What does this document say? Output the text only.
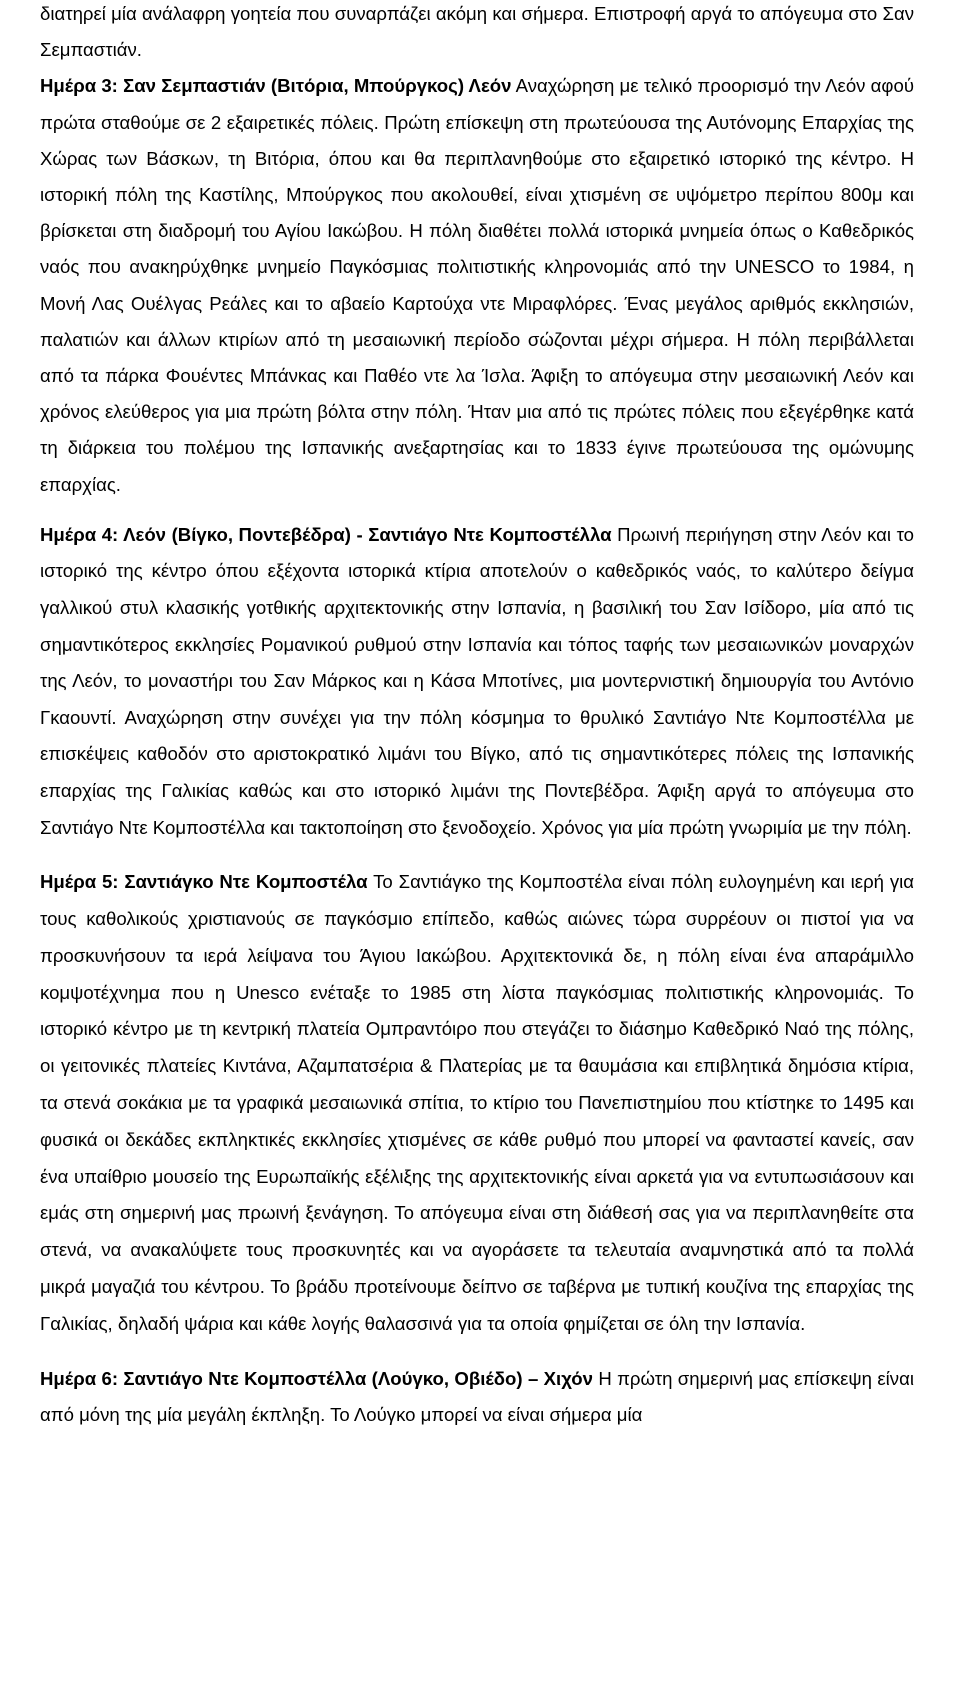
διατηρεί μία ανάλαφρη γοητεία που συναρπάζει ακόμη και σήμερα. Επιστροφή αργά το απόγευμα στο Σαν Σεμπαστιάν.

Ημέρα 3: Σαν Σεμπαστιάν (Βιτόρια, Μπούργκος) Λεόν Αναχώρηση με τελικό προορισμό την Λεόν αφού πρώτα σταθούμε σε 2 εξαιρετικές πόλεις. Πρώτη επίσκεψη στη πρωτεύουσα της Αυτόνομης Επαρχίας της Χώρας των Βάσκων, τη Βιτόρια, όπου και θα περιπλανηθούμε στο εξαιρετικό ιστορικό της κέντρο. Η ιστορική πόλη της Καστίλης, Μπούργκος που ακολουθεί, είναι χτισμένη σε υψόμετρο περίπου 800μ και βρίσκεται στη διαδρομή του Αγίου Ιακώβου. Η πόλη διαθέτει πολλά ιστορικά μνημεία όπως ο Καθεδρικός ναός που ανακηρύχθηκε μνημείο Παγκόσμιας πολιτιστικής κληρονομιάς από την UNESCO το 1984, η Μονή Λας Ουέλγας Ρεάλες και το αβαείο Καρτούχα ντε Μιραφλόρες. Ένας μεγάλος αριθμός εκκλησιών, παλατιών και άλλων κτιρίων από τη μεσαιωνική περίοδο σώζονται μέχρι σήμερα. Η πόλη περιβάλλεται από τα πάρκα Φουέντες Μπάνκας και Παθέο ντε λα Ίσλα. Άφιξη το απόγευμα στην μεσαιωνική Λεόν και χρόνος ελεύθερος για μια πρώτη βόλτα στην πόλη. Ήταν μια από τις πρώτες πόλεις που εξεγέρθηκε κατά τη διάρκεια του πολέμου της Ισπανικής ανεξαρτησίας και το 1833 έγινε πρωτεύουσα της ομώνυμης επαρχίας.

Ημέρα 4: Λεόν (Βίγκο, Ποντεβέδρα) - Σαντιάγο Ντε Κομποστέλλα Πρωινή περιήγηση στην Λεόν και το ιστορικό της κέντρο όπου εξέχοντα ιστορικά κτίρια αποτελούν ο καθεδρικός ναός, το καλύτερο δείγμα γαλλικού στυλ κλασικής γοτθικής αρχιτεκτονικής στην Ισπανία, η βασιλική του Σαν Ισίδορο, μία από τις σημαντικότερος εκκλησίες Ρομανικού ρυθμού στην Ισπανία και τόπος ταφής των μεσαιωνικών μοναρχών της Λεόν, το μοναστήρι του Σαν Μάρκος και η Κάσα Μποτίνες, μια μοντερνιστική δημιουργία του Αντόνιο Γκαουντί. Αναχώρηση στην συνέχει για την πόλη κόσμημα το θρυλικό Σαντιάγο Ντε Κομποστέλλα με επισκέψεις καθοδόν στο αριστοκρατικό λιμάνι του Βίγκο, από τις σημαντικότερες πόλεις της Ισπανικής επαρχίας της Γαλικίας καθώς και στο ιστορικό λιμάνι της Ποντεβέδρα. Άφιξη αργά το απόγευμα στο Σαντιάγο Ντε Κομποστέλλα και τακτοποίηση στο ξενοδοχείο. Χρόνος για μία πρώτη γνωριμία με την πόλη.

Ημέρα 5: Σαντιάγκο Ντε Κομποστέλα Το Σαντιάγκο της Κομποστέλα είναι πόλη ευλογημένη και ιερή για τους καθολικούς χριστιανούς σε παγκόσμιο επίπεδο, καθώς αιώνες τώρα συρρέουν οι πιστοί για να προσκυνήσουν τα ιερά λείψανα του Άγιου Ιακώβου. Αρχιτεκτονικά δε, η πόλη είναι ένα απαράμιλλο κομψοτέχνημα που η Unesco ενέταξε το 1985 στη λίστα παγκόσμιας πολιτιστικής κληρονομιάς. Το ιστορικό κέντρο με τη κεντρική πλατεία Ομπραντόιρο που στεγάζει το διάσημο Καθεδρικό Ναό της πόλης, οι γειτονικές πλατείες Κιντάνα, Αζαμπατσέρια & Πλατερίας με τα θαυμάσια και επιβλητικά δημόσια κτίρια, τα στενά σοκάκια με τα γραφικά μεσαιωνικά σπίτια, το κτίριο του Πανεπιστημίου που κτίστηκε το 1495 και φυσικά οι δεκάδες εκπληκτικές εκκλησίες χτισμένες σε κάθε ρυθμό που μπορεί να φανταστεί κανείς, σαν ένα υπαίθριο μουσείο της Ευρωπαϊκής εξέλιξης της αρχιτεκτονικής είναι αρκετά για να εντυπωσιάσουν και εμάς στη σημερινή μας πρωινή ξενάγηση. Το απόγευμα είναι στη διάθεσή σας για να περιπλανηθείτε στα στενά, να ανακαλύψετε τους προσκυνητές και να αγοράσετε τα τελευταία αναμνηστικά από τα πολλά μικρά μαγαζιά του κέντρου. Το βράδυ προτείνουμε δείπνο σε ταβέρνα με τυπική κουζίνα της επαρχίας της Γαλικίας, δηλαδή ψάρια και κάθε λογής θαλασσινά για τα οποία φημίζεται σε όλη την Ισπανία.

Ημέρα 6: Σαντιάγο Ντε Κομποστέλλα (Λούγκο, Οβιέδο) – Χιχόν Η πρώτη σημερινή μας επίσκεψη είναι από μόνη της μία μεγάλη έκπληξη. Το Λούγκο μπορεί να είναι σήμερα μία
